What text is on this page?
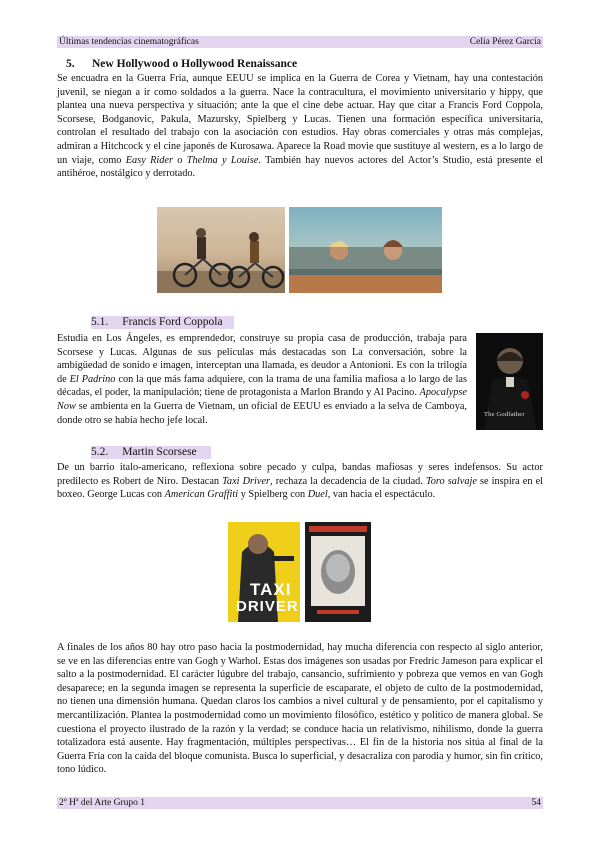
Últimas tendencias cinematográficas	Celia Pérez García
5. New Hollywood o Hollywood Renaissance

Se encuadra en la Guerra Fría, aunque EEUU se implica en la Guerra de Corea y Vietnam, hay una contestación juvenil, se niegan a ir como soldados a la guerra. Nace la contracultura, el movimiento universitario y hippy, que plantea una nueva perspectiva y situación; ante la que el cine debe actuar. Hay que citar a Francis Ford Coppola, Scorsese, Bodganovic, Pakula, Mazursky, Spielberg y Lucas. Tienen una formación específica universitaria, controlan el resultado del trabajo con la asociación con estudios. Hay obras comerciales y otras más complejas, admiran a Hitchcock y el cine japonés de Kurosawa. Aparece la Road movie que sustituye al western, es a lo largo de un viaje, como Easy Rider o Thelma y Louise. También hay nuevos actores del Actor’s Studio, está presente el antihéroe, nostálgico y derrotado.

5.1. Francis Ford Coppola

Estudia en Los Ángeles, es emprendedor, construye su propia casa de producción, trabaja para Scorsese y Lucas. Algunas de sus películas más destacadas son La conversación, sobre la ambigüedad de sonido e imagen, interceptan una llamada, es deudor a Antonioni. Es con la trilogía de El Padrino con la que más fama adquiere, con la trama de una familia mafiosa a lo largo de las décadas, el poder, la manipulación; tiene de protagonista a Marlon Brando y Al Pacino. Apocalypse Now se ambienta en la Guerra de Vietnam, un oficial de EEUU es enviado a la selva de Camboya, donde otro se había hecho jefe local.

The Godfather
5.2. Martin Scorsese

De un barrio italo-americano, reflexiona sobre pecado y culpa, bandas mafiosas y seres indefensos. Su actor predilecto es Robert de Niro. Destacan Taxi Driver, rechaza la decadencia de la ciudad. Toro salvaje se inspira en el boxeo. George Lucas con American Graffiti y Spielberg con Duel, van hacia el espectáculo.

TAXI
DRIVER

A finales de los años 80 hay otro paso hacia la postmodernidad, hay mucha diferencia con respecto al siglo anterior, se ve en las diferencias entre van Gogh y Warhol. Estas dos imágenes son usadas por Fredric Jameson para explicar el salto a la postmodernidad. El carácter lúgubre del trabajo, cansancio, sufrimiento y pobreza que vemos en van Gogh desaparece; en la segunda imagen se representa la superficie de escaparate, el objeto de culto de la postmodernidad, no tienen una dimensión humana. Quedan claros los cambios a nivel cultural y de pensamiento, por el capitalismo y mercantilización. Plantea la postmodernidad como un movimiento filosófico, estético y político de manera global. Se cuestiona el proyecto ilustrado de la razón y la verdad; se conduce hacia un relativismo, nihilismo, donde la guerra totalizadora está ausente. Hay fragmentación, múltiples perspectivas… El fin de la historia nos sitúa al final de la Guerra Fría con la caída del bloque comunista. Busca lo superficial, y desacraliza con parodia y humor, sin fin crítico, tono lúdico.

2º Hª del Arte Grupo 1	54
